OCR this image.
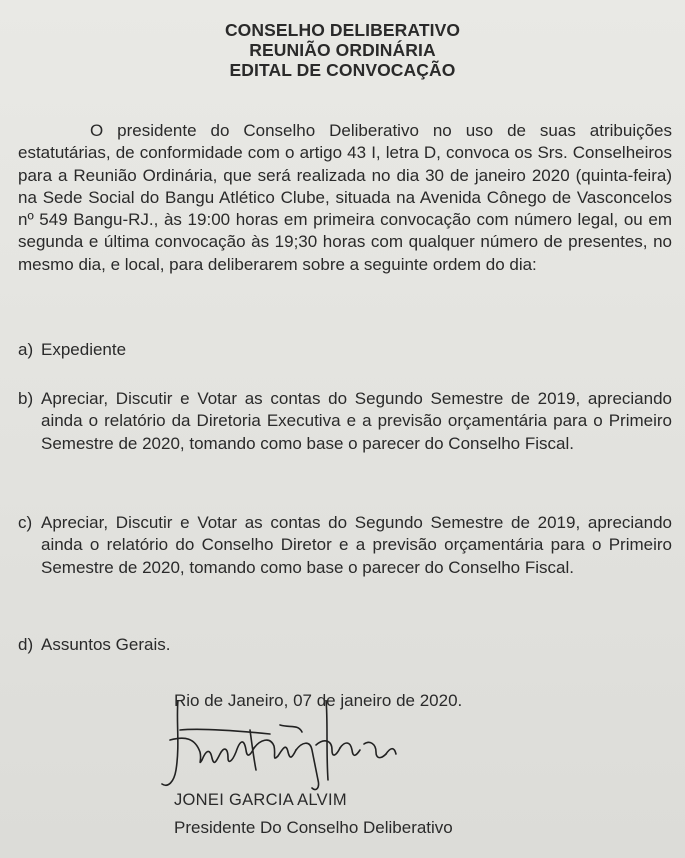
CONSELHO DELIBERATIVO
REUNIÃO ORDINÁRIA
EDITAL DE CONVOCAÇÃO
O presidente do Conselho Deliberativo no uso de suas atribuições estatutárias, de conformidade com o artigo 43 I, letra D, convoca os Srs. Conselheiros para a Reunião Ordinária, que será realizada no dia 30 de janeiro 2020 (quinta-feira) na Sede Social do Bangu Atlético Clube, situada na Avenida Cônego de Vasconcelos nº 549 Bangu-RJ., às 19:00 horas em primeira convocação com número legal, ou em segunda e última convocação às 19;30 horas com qualquer número de presentes, no mesmo dia, e local, para deliberarem sobre a seguinte ordem do dia:
a) Expediente
b) Apreciar, Discutir e Votar as contas do Segundo Semestre de 2019, apreciando ainda o relatório da Diretoria Executiva e a previsão orçamentária para o Primeiro Semestre de 2020, tomando como base o parecer do Conselho Fiscal.
c) Apreciar, Discutir e Votar as contas do Segundo Semestre de 2019, apreciando ainda o relatório do Conselho Diretor e a previsão orçamentária para o Primeiro Semestre de 2020, tomando como base o parecer do Conselho Fiscal.
d) Assuntos Gerais.
Rio de Janeiro, 07 de janeiro de 2020.
JONEI GARCIA ALVIM
Presidente Do Conselho Deliberativo
